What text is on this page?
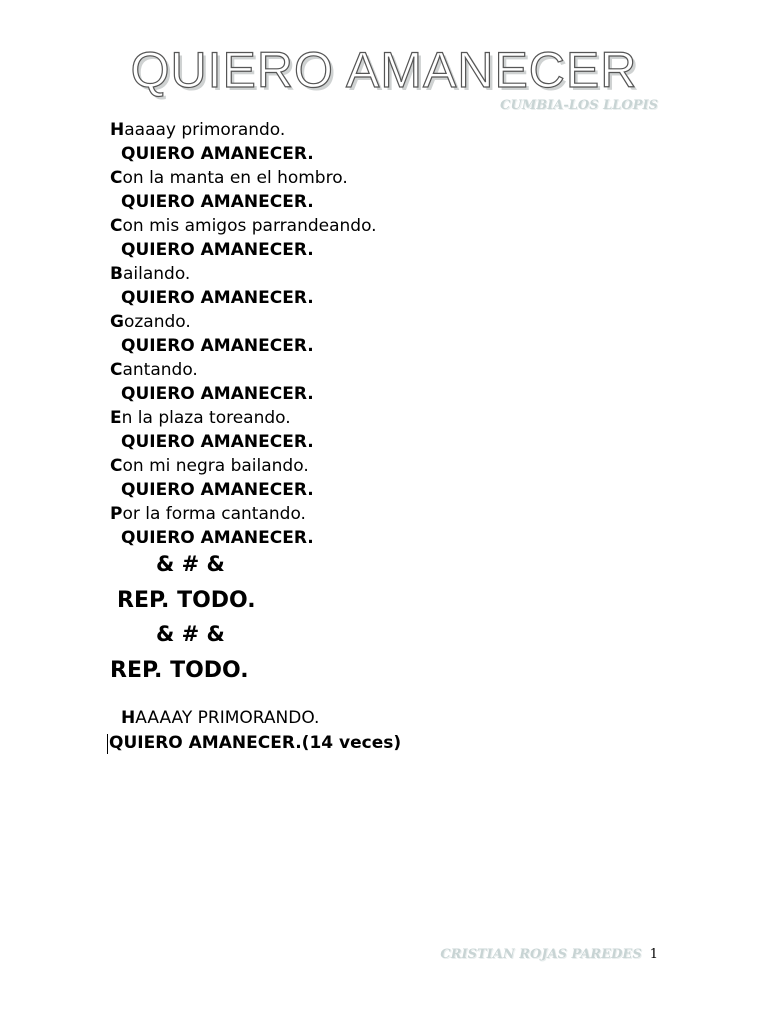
QUIERO AMANECER
CUMBIA-LOS LLOPIS
Haaaay primorando.
QUIERO AMANECER.
Con la manta en el hombro.
QUIERO AMANECER.
Con mis amigos parrandeando.
QUIERO AMANECER.
Bailando.
QUIERO AMANECER.
Gozando.
QUIERO AMANECER.
Cantando.
QUIERO AMANECER.
En la plaza toreando.
QUIERO AMANECER.
Con mi negra bailando.
QUIERO AMANECER.
Por la forma cantando.
QUIERO AMANECER.
& # &
REP. TODO.
& # &
REP. TODO.
HAAAAY PRIMORANDO.
QUIERO AMANECER.(14 veces)
CRISTIAN ROJAS PAREDES 1
